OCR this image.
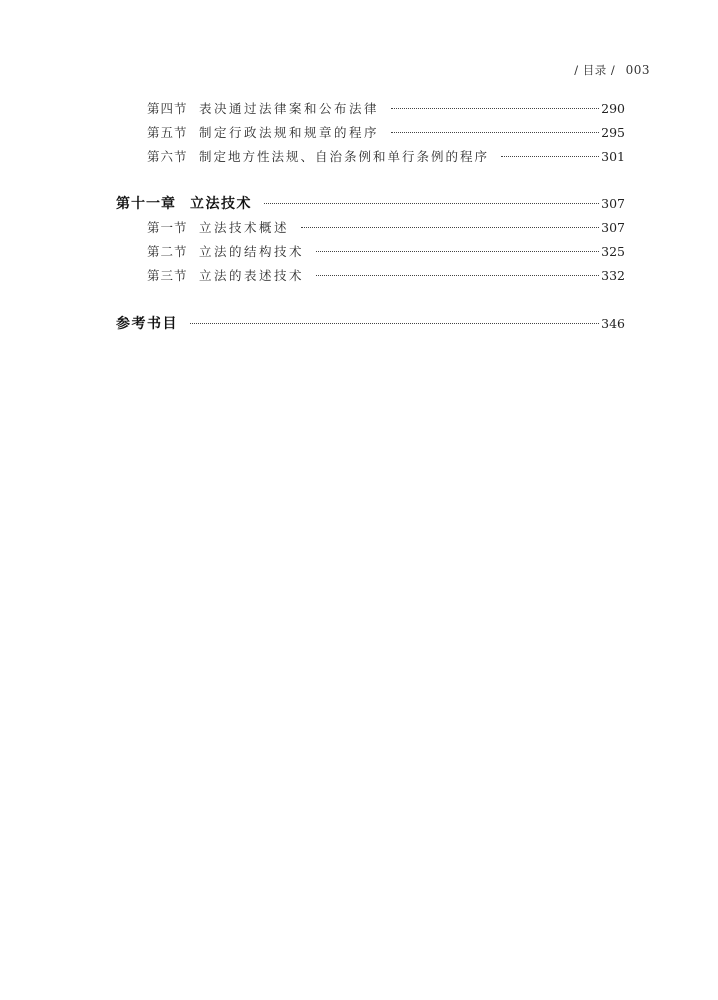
/ 目录 / 003
第四节 表决通过法律案和公布法律	290
第五节 制定行政法规和规章的程序	295
第六节 制定地方性法规、自治条例和单行条例的程序	301
第十一章 立法技术	307
第一节 立法技术概述	307
第二节 立法的结构技术	325
第三节 立法的表述技术	332
参考书目	346
